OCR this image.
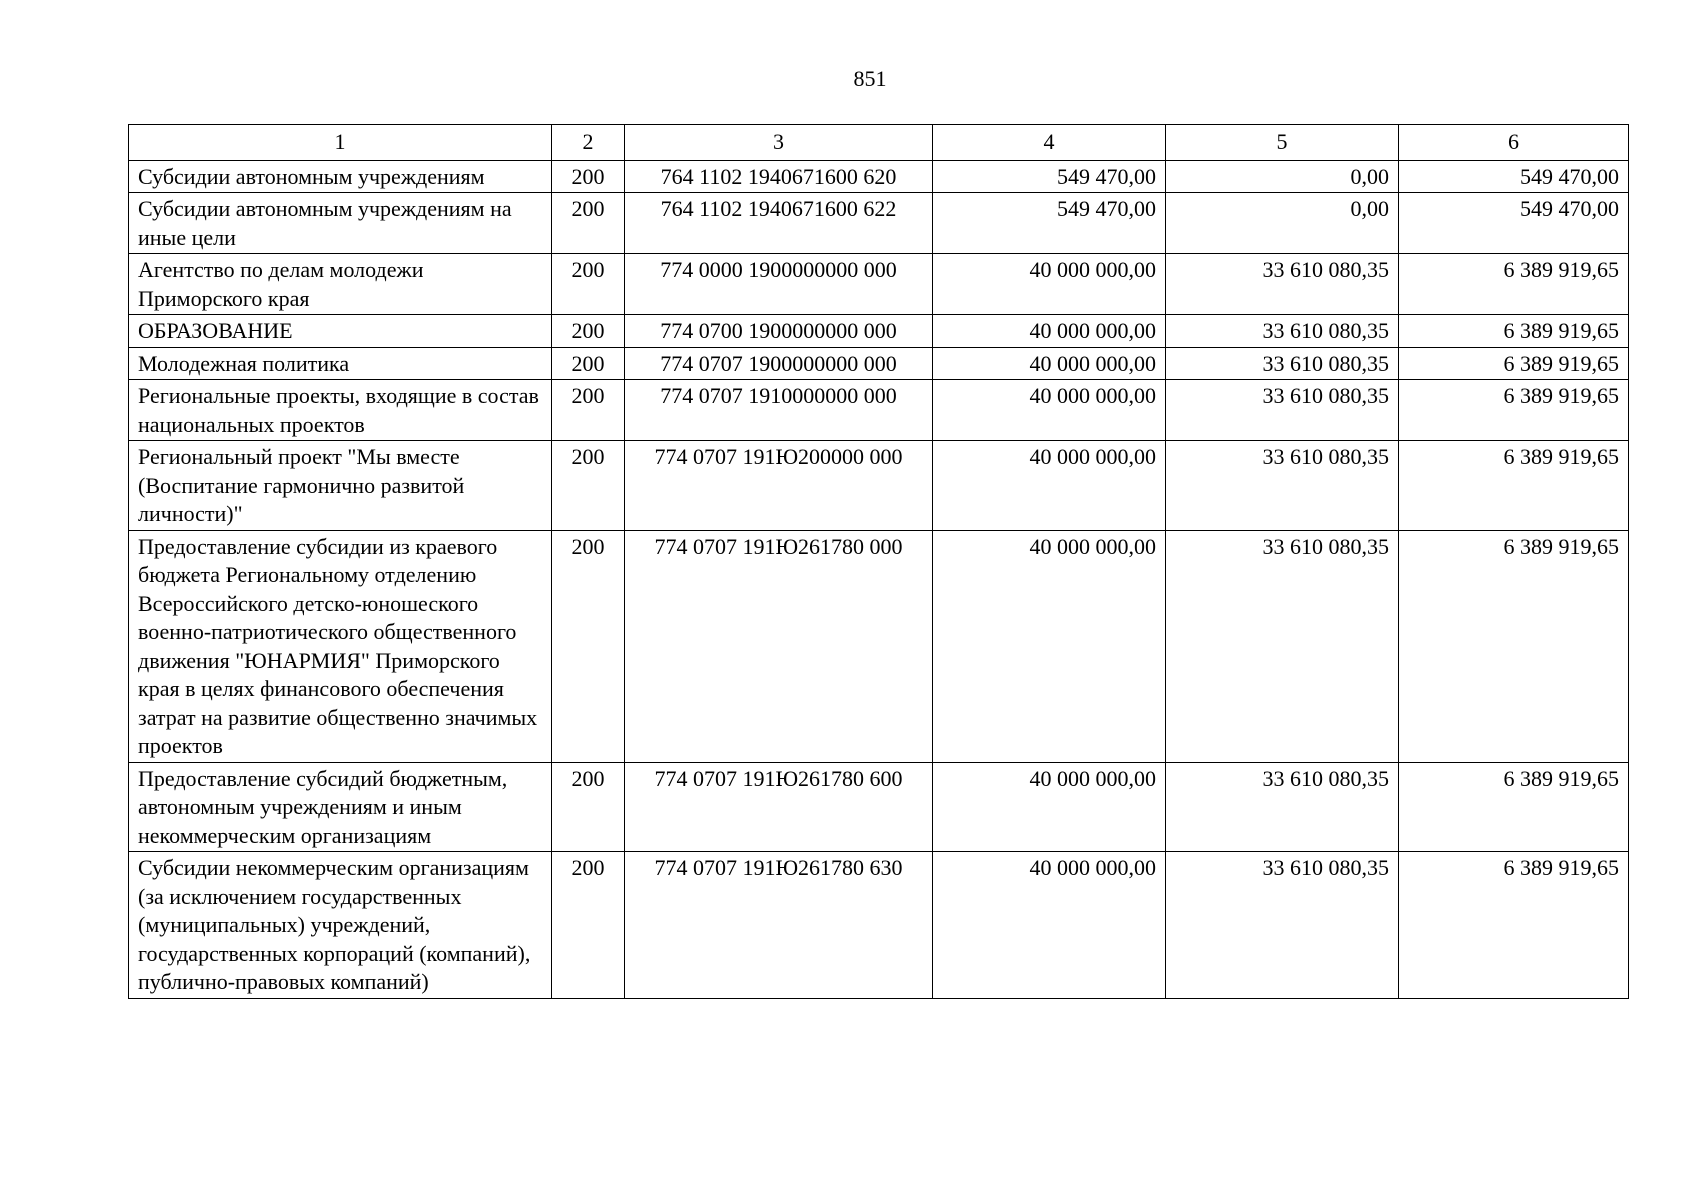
851
1	2	3	4	5	6
Субсидии автономным учреждениям	200	764 1102 1940671600 620	549 470,00	0,00	549 470,00
Субсидии автономным учреждениям на иные цели	200	764 1102 1940671600 622	549 470,00	0,00	549 470,00
Агентство по делам молодежи Приморского края	200	774 0000 1900000000 000	40 000 000,00	33 610 080,35	6 389 919,65
ОБРАЗОВАНИЕ	200	774 0700 1900000000 000	40 000 000,00	33 610 080,35	6 389 919,65
Молодежная политика	200	774 0707 1900000000 000	40 000 000,00	33 610 080,35	6 389 919,65
Региональные проекты, входящие в состав национальных проектов	200	774 0707 1910000000 000	40 000 000,00	33 610 080,35	6 389 919,65
Региональный проект "Мы вместе (Воспитание гармонично развитой личности)"	200	774 0707 191Ю200000 000	40 000 000,00	33 610 080,35	6 389 919,65
Предоставление субсидии из краевого бюджета Региональному отделению Всероссийского детско-юношеского военно-патриотического общественного движения "ЮНАРМИЯ" Приморского края в целях финансового обеспечения затрат на развитие общественно значимых проектов	200	774 0707 191Ю261780 000	40 000 000,00	33 610 080,35	6 389 919,65
Предоставление субсидий бюджетным, автономным учреждениям и иным некоммерческим организациям	200	774 0707 191Ю261780 600	40 000 000,00	33 610 080,35	6 389 919,65
Субсидии некоммерческим организациям (за исключением государственных (муниципальных) учреждений, государственных корпораций (компаний), публично-правовых компаний)	200	774 0707 191Ю261780 630	40 000 000,00	33 610 080,35	6 389 919,65
